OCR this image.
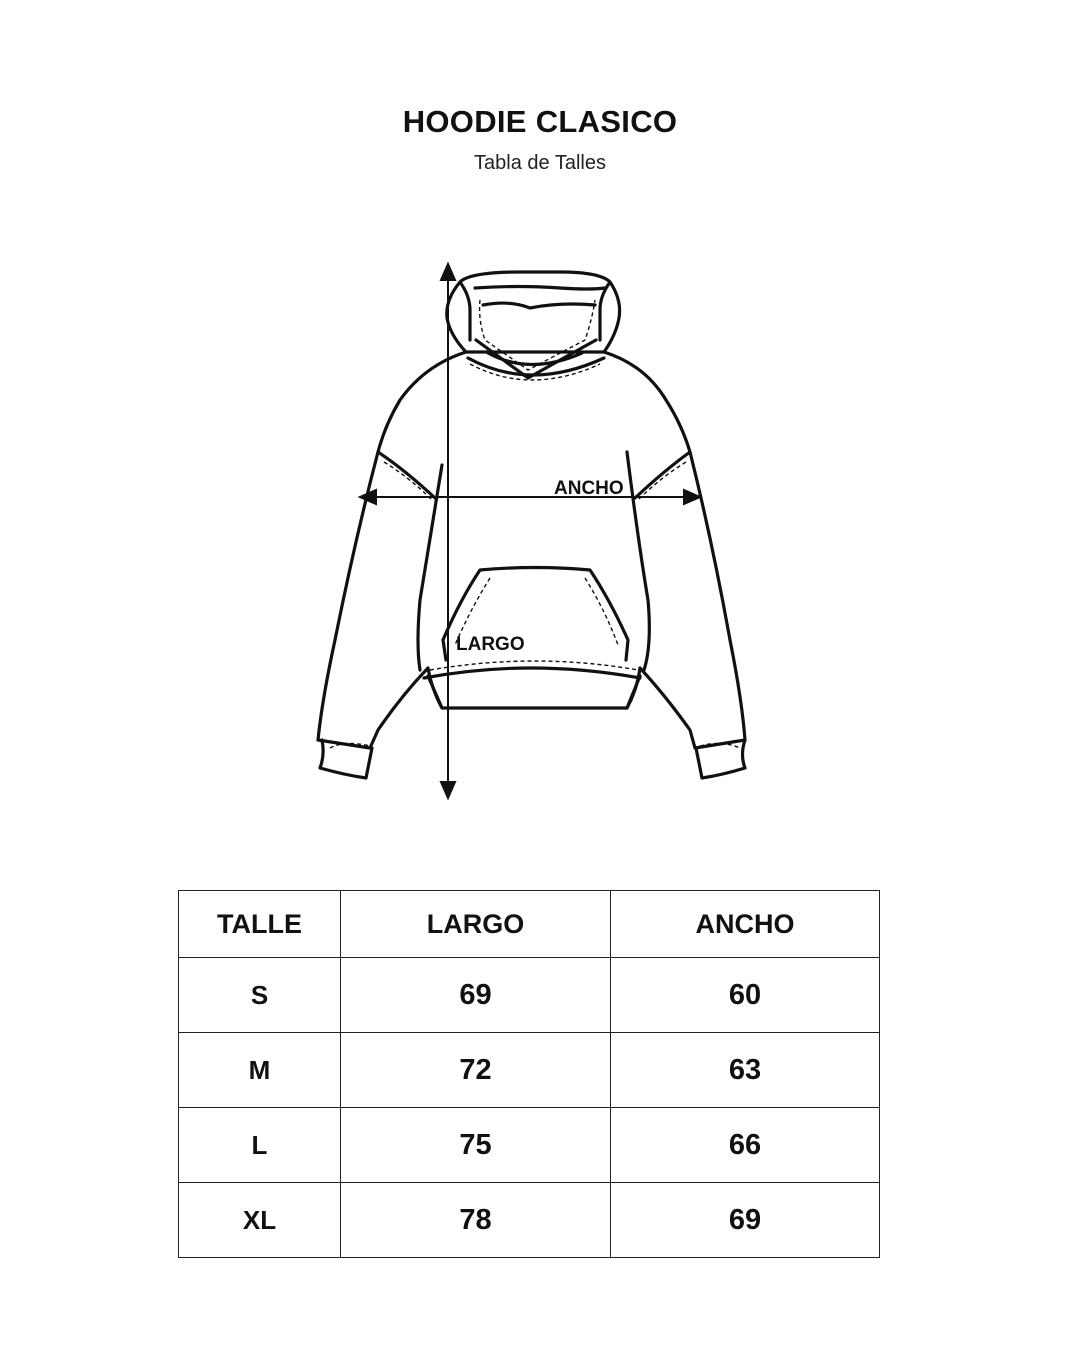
HOODIE CLASICO
Tabla de Talles
ANCHO
LARGO
TALLE	LARGO	ANCHO
S	69	60
M	72	63
L	75	66
XL	78	69
